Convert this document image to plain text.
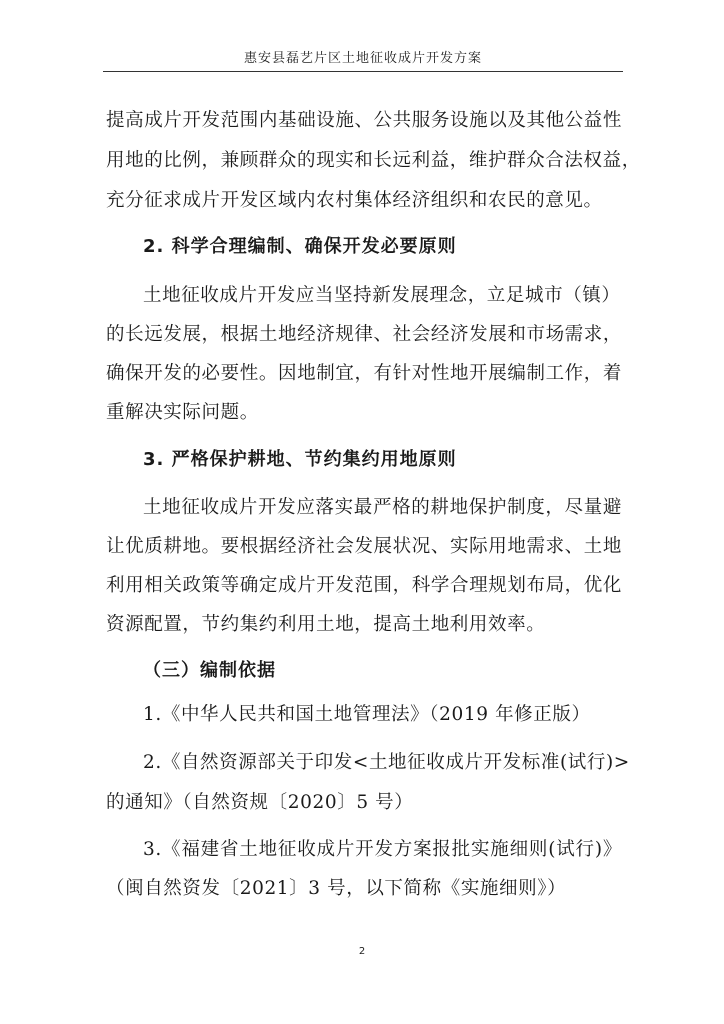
惠安县磊艺片区土地征收成片开发方案
提高成片开发范围内基础设施、公共服务设施以及其他公益性
用地的比例，兼顾群众的现实和长远利益，维护群众合法权益，
充分征求成片开发区域内农村集体经济组织和农民的意见。
2. 科学合理编制、确保开发必要原则
土地征收成片开发应当坚持新发展理念，立足城市（镇）
的长远发展，根据土地经济规律、社会经济发展和市场需求，
确保开发的必要性。因地制宜，有针对性地开展编制工作，着
重解决实际问题。
3. 严格保护耕地、节约集约用地原则
土地征收成片开发应落实最严格的耕地保护制度，尽量避
让优质耕地。要根据经济社会发展状况、实际用地需求、土地
利用相关政策等确定成片开发范围，科学合理规划布局，优化
资源配置，节约集约利用土地，提高土地利用效率。
（三）编制依据
1.《中华人民共和国土地管理法》（2019 年修正版）
2.《自然资源部关于印发<土地征收成片开发标准(试行)>
的通知》（自然资规〔2020〕5 号）
3.《福建省土地征收成片开发方案报批实施细则(试行)》
（闽自然资发〔2021〕3 号，以下简称《实施细则》）
2
